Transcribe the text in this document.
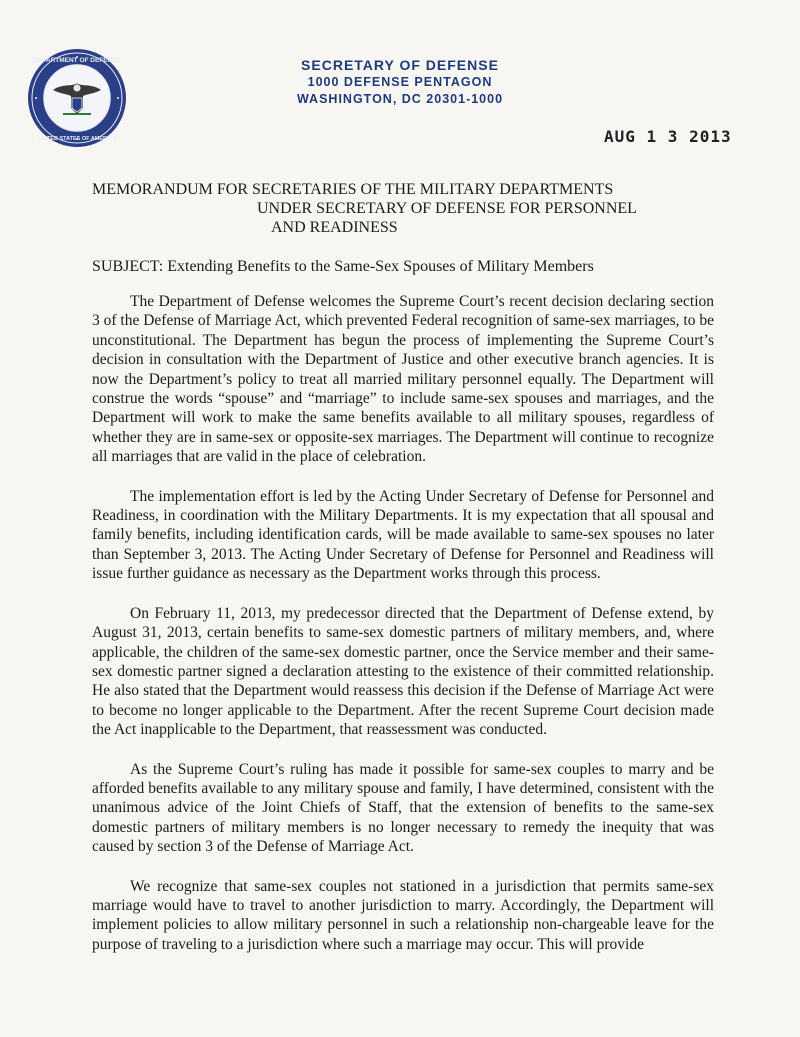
DEPARTMENT OF DEFENSE
UNITED STATES OF AMERICA
SECRETARY OF DEFENSE
1000 DEFENSE PENTAGON
WASHINGTON, DC 20301-1000
AUG 1 3 2013
MEMORANDUM FOR SECRETARIES OF THE MILITARY DEPARTMENTS
UNDER SECRETARY OF DEFENSE FOR PERSONNEL
AND READINESS
SUBJECT: Extending Benefits to the Same-Sex Spouses of Military Members

The Department of Defense welcomes the Supreme Court’s recent decision declaring section 3 of the Defense of Marriage Act, which prevented Federal recognition of same-sex marriages, to be unconstitutional. The Department has begun the process of implementing the Supreme Court’s decision in consultation with the Department of Justice and other executive branch agencies. It is now the Department’s policy to treat all married military personnel equally. The Department will construe the words “spouse” and “marriage” to include same-sex spouses and marriages, and the Department will work to make the same benefits available to all military spouses, regardless of whether they are in same-sex or opposite-sex marriages. The Department will continue to recognize all marriages that are valid in the place of celebration.

The implementation effort is led by the Acting Under Secretary of Defense for Personnel and Readiness, in coordination with the Military Departments. It is my expectation that all spousal and family benefits, including identification cards, will be made available to same-sex spouses no later than September 3, 2013. The Acting Under Secretary of Defense for Personnel and Readiness will issue further guidance as necessary as the Department works through this process.

On February 11, 2013, my predecessor directed that the Department of Defense extend, by August 31, 2013, certain benefits to same-sex domestic partners of military members, and, where applicable, the children of the same-sex domestic partner, once the Service member and their same-sex domestic partner signed a declaration attesting to the existence of their committed relationship. He also stated that the Department would reassess this decision if the Defense of Marriage Act were to become no longer applicable to the Department. After the recent Supreme Court decision made the Act inapplicable to the Department, that reassessment was conducted.

As the Supreme Court’s ruling has made it possible for same-sex couples to marry and be afforded benefits available to any military spouse and family, I have determined, consistent with the unanimous advice of the Joint Chiefs of Staff, that the extension of benefits to the same-sex domestic partners of military members is no longer necessary to remedy the inequity that was caused by section 3 of the Defense of Marriage Act.

We recognize that same-sex couples not stationed in a jurisdiction that permits same-sex marriage would have to travel to another jurisdiction to marry. Accordingly, the Department will implement policies to allow military personnel in such a relationship non-chargeable leave for the purpose of traveling to a jurisdiction where such a marriage may occur. This will provide
